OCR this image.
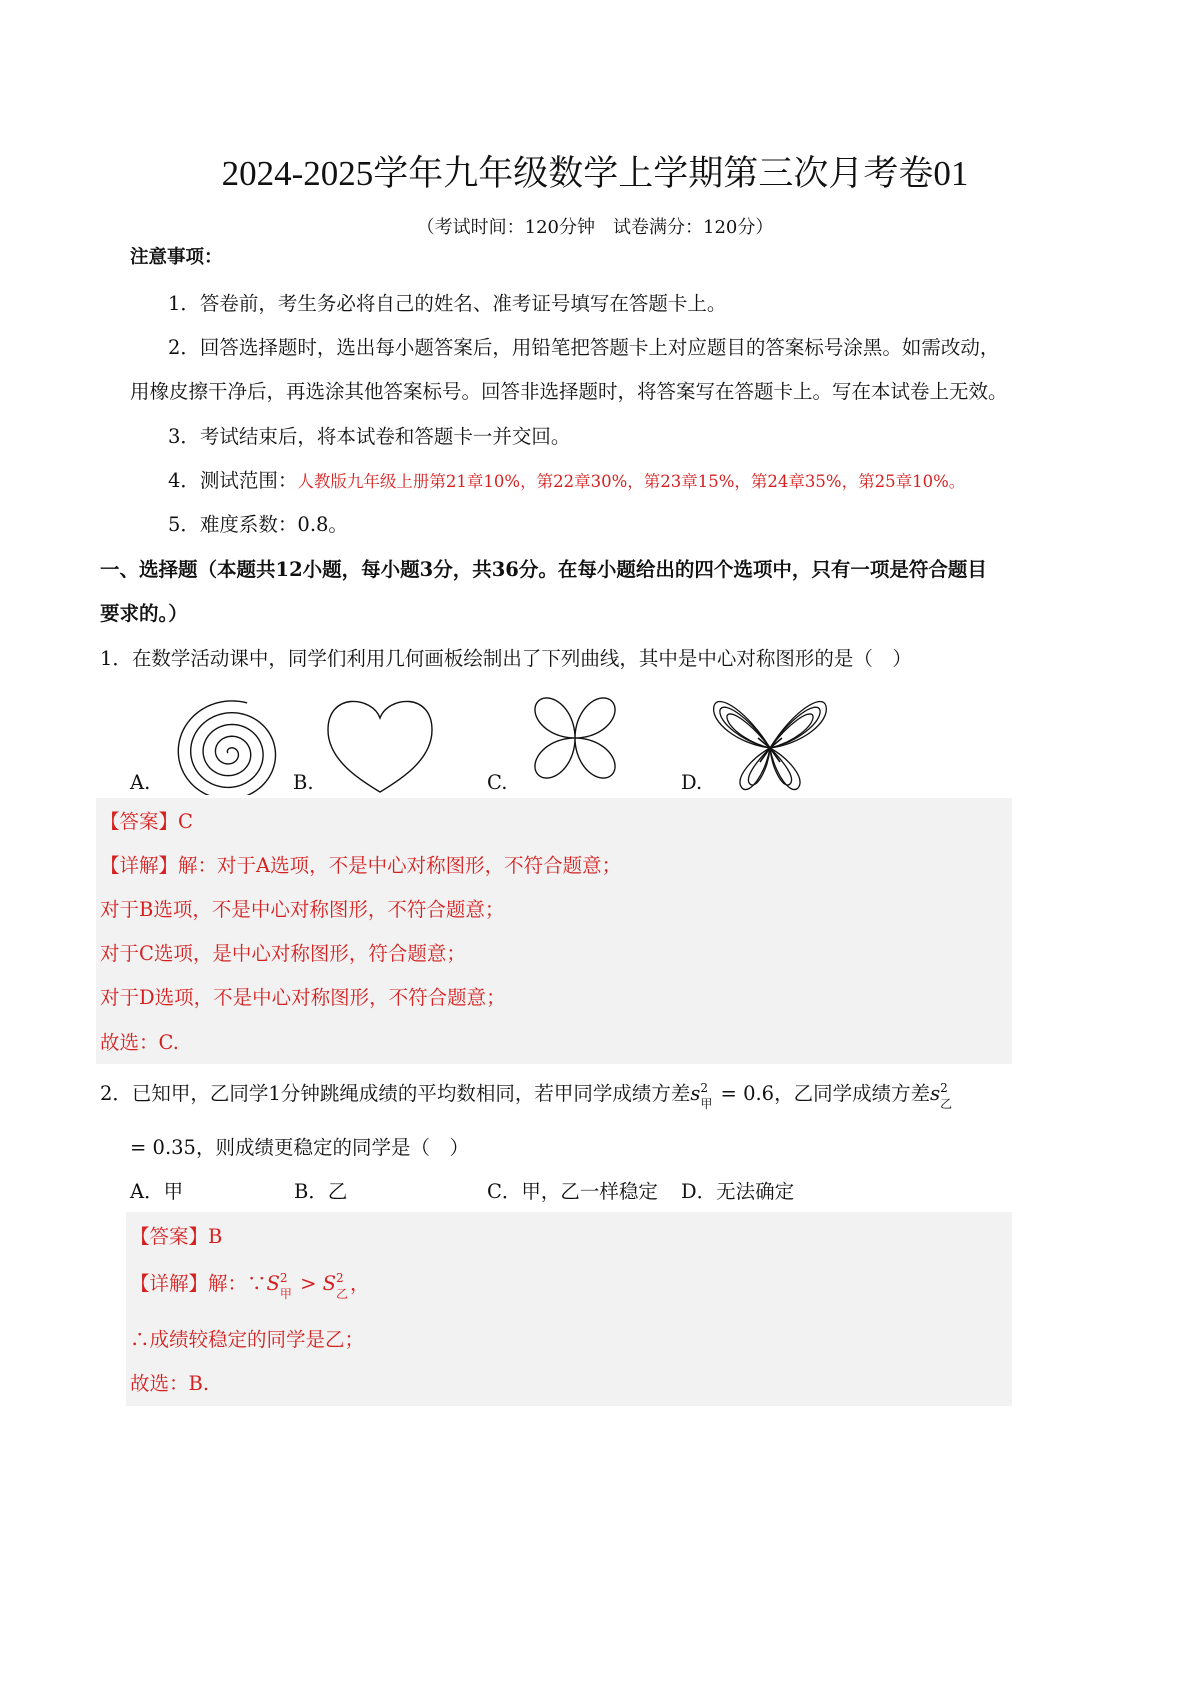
2024-2025学年九年级数学上学期第三次月考卷01
（考试时间：120分钟　试卷满分：120分）
注意事项：
1．答卷前，考生务必将自己的姓名、准考证号填写在答题卡上。
2．回答选择题时，选出每小题答案后，用铅笔把答题卡上对应题目的答案标号涂黑。如需改动，
用橡皮擦干净后，再选涂其他答案标号。回答非选择题时，将答案写在答题卡上。写在本试卷上无效。
3．考试结束后，将本试卷和答题卡一并交回。
4．测试范围：人教版九年级上册第21章10%，第22章30%，第23章15%，第24章35%，第25章10%。
5．难度系数：0.8。
一、选择题（本题共12小题，每小题3分，共36分。在每小题给出的四个选项中，只有一项是符合题目
要求的。）
1．在数学活动课中，同学们利用几何画板绘制出了下列曲线，其中是中心对称图形的是（　）
A.	B.	C.	D.
【答案】C
【详解】解：对于A选项，不是中心对称图形，不符合题意；
对于B选项，不是中心对称图形，不符合题意；
对于C选项，是中心对称图形，符合题意；
对于D选项，不是中心对称图形，不符合题意；
故选：C.
2．已知甲，乙同学1分钟跳绳成绩的平均数相同，若甲同学成绩方差s 2
甲 = 0.6，乙同学成绩方差s 2
乙
= 0.35，则成绩更稳定的同学是（　）
A．甲	B．乙	C．甲，乙一样稳定 D．无法确定
【答案】B
【详解】解：∵S 2
甲 > S 2
乙 ，
∴成绩较稳定的同学是乙；
故选：B.
